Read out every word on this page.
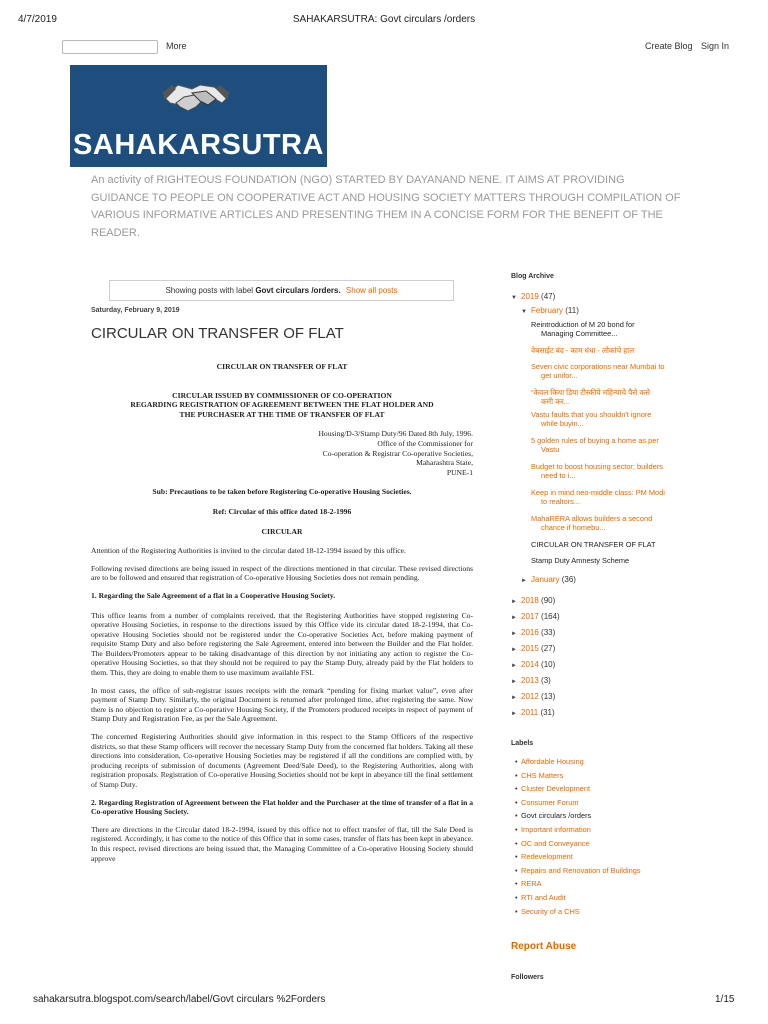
4/7/2019	SAHAKARSUTRA: Govt circulars /orders
More	Create Blog Sign In
SAHAKARSUTRA
An activity of RIGHTEOUS FOUNDATION (NGO) STARTED BY DAYANAND NENE. IT AIMS AT PROVIDING GUIDANCE TO PEOPLE ON COOPERATIVE ACT AND HOUSING SOCIETY MATTERS THROUGH COMPILATION OF VARIOUS INFORMATIVE ARTICLES AND PRESENTING THEM IN A CONCISE FORM FOR THE BENEFIT OF THE READER.
Showing posts with label Govt circulars /orders. Show all posts
Saturday, February 9, 2019
CIRCULAR ON TRANSFER OF FLAT
CIRCULAR ON TRANSFER OF FLAT
CIRCULAR ISSUED BY COMMISSIONER OF CO-OPERATION
REGARDING REGISTRATION OF AGREEMENT BETWEEN THE FLAT HOLDER AND
THE PURCHASER AT THE TIME OF TRANSFER OF FLAT
Housing/D-3/Stamp Duty/96 Dated 8th July, 1996.
Office of the Commissioner for
Co-operation & Registrar Co-operative Societies,
Maharashtra State,
PUNE-1
Sub: Precautions to be taken before Registering Co-operative Housing Societies.
Ref: Circular of this office dated 18-2-1996
CIRCULAR

Attention of the Registering Authorities is invited to the circular dated 18-12-1994 issued by this office.

Following revised directions are being issued in respect of the directions mentioned in that circular. These revised directions are to be followed and ensured that registration of Co-operative Housing Societies does not remain pending.

1. Regarding the Sale Agreement of a flat in a Cooperative Housing Society.

This office learns from a number of complaints received, that the Registering Authorities have stopped registering Co-operative Housing Societies, in response to the directions issued by this Office vide its circular dated 18-2-1994, that Co-operative Housing Societies should not be registered under the Co-operative Societies Act, before making payment of requisite Stamp Duty and also before registering the Sale Agreement, entered into between the Builder and the Flat holder. The Builders/Promoters appear to be taking disadvantage of this direction by not initiating any action to register the Co-operative Housing Societies, so that they should not be required to pay the Stamp Duty, already paid by the Flat holders to them. This, they are doing to enable them to use maximum available FSI.

In most cases, the office of sub-registrar issues receipts with the remark “pending for fixing market value”, even after payment of Stamp Duty. Similarly, the original Document is returned after prolonged time, after registering the same. Now there is no objection to register a Co-operative Housing Society, if the Promoters produced receipts in respect of payment of Stamp Duty and Registration Fee, as per the Sale Agreement.

The concerned Registering Authorities should give information in this respect to the Stamp Officers of the respective districts, so that these Stamp officers will recover the necessary Stamp Duty from the concerned flat holders. Taking all these directions into consideration, Co-operative Housing Societies may be registered if all the conditions are complied with, by producing receipts of submission of documents (Agreement Deed/Sale Deed), to the Registering Authorities, along with registration proposals. Registration of Co-operative Housing Societies should not be kept in abeyance till the final settlement of Stamp Duty.

2. Regarding Registration of Agreement between the Flat holder and the Purchaser at the time of transfer of a flat in a Co-operative Housing Society.

There are directions in the Circular dated 18-2-1994, issued by this office not to effect transfer of flat, till the Sale Deed is registered. Accordingly, it has come to the notice of this Office that in some cases, transfer of flats has been kept in abeyance. In this respect, revised directions are being issued that, the Managing Committee of a Co-operative Housing Society should approve

Blog Archive
▼ 2019 (47)
▼ February (11)
Reintroduction of M 20 bond for
Managing Committee...
वेबसाईट बंद - काम धंधा - लोकांचे हाल
Seven civic corporations near Mumbai to
get unifor...
“केवल किया डिया टीस्कीये महिन्याचे पैसे कसे
कमी कर...
Vastu faults that you shouldn't ignore
while buyin...
5 golden rules of buying a home as per
Vastu
Budget to boost housing sector; builders
need to i...
Keep in mind neo-middle class: PM Modi
to realtors...
MahaRERA allows builders a second
chance if homebu...
CIRCULAR ON TRANSFER OF FLAT
Stamp Duty Amnesty Scheme
► January (36)
► 2018 (90)
► 2017 (164)
► 2016 (33)
► 2015 (27)
► 2014 (10)
► 2013 (3)
► 2012 (13)
► 2011 (31)
Labels
• Affordable Housing
• CHS Matters
• Cluster Development
• Consumer Forum
• Govt circulars /orders
• Important information
• OC and Conveyance
• Redevelopment
• Repairs and Renovation of Buildings
• RERA
• RTI and Audit
• Security of a CHS
Report Abuse
Followers
sahakarsutra.blogspot.com/search/label/Govt circulars %2Forders	1/15
